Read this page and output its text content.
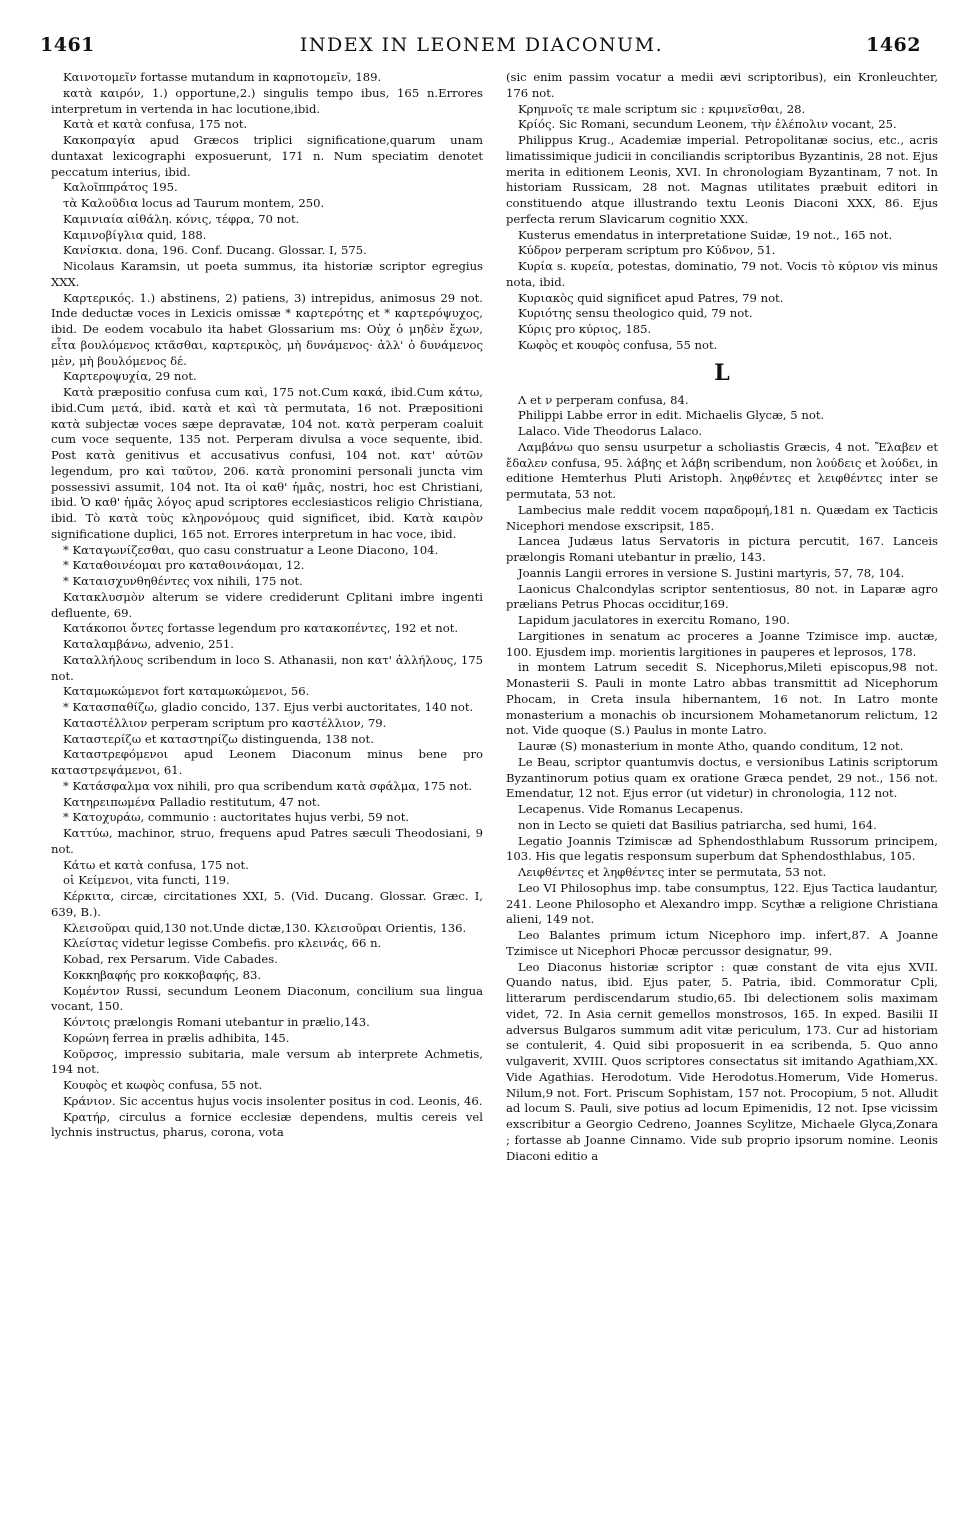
1461	INDEX IN LEONEM DIACONUM.	1462

Καινοτομεῖν fortasse mutandum in καρποτομεῖν, 189.

κατὰ καιρόν, 1.) opportune,2.) singulis tempo ibus, 165 n.Errores interpretum in vertenda in hac locutione,ibid.

Κατὰ et κατὰ confusa, 175 not.

Κακοπραγία apud Græcos triplici significatione,quarum unam duntaxat lexicographi exposuerunt, 171 n. Num speciatim denotet peccatum interius, ibid.

Καλοῖππράτος 195.

τὰ Καλοῦδια locus ad Taurum montem, 250.

Καμινιαία αἰθάλη. κόνις, τέφρα, 70 not.

Καμινοβίγλια quid, 188.

Κανίσκια. dona, 196. Conf. Ducang. Glossar. I, 575.

Nicolaus Karamsin, ut poeta summus, ita historiæ scriptor egregius XXX.

Καρτερικός. 1.) abstinens, 2) patiens, 3) intrepidus, animosus 29 not. Inde deductæ voces in Lexicis omissæ * καρτερότης et * καρτερόψυχος, ibid. De eodem vocabulo ita habet Glossarium ms: Οὐχ ὁ μηδὲν ἔχων, εἶτα βουλόμενος κτᾶσθαι, καρτερικὸς, μὴ δυνάμενος· ἀλλ' ὁ δυνάμενος μὲν, μὴ βουλόμενος δέ.

Καρτεροψυχία, 29 not.

Κατὰ præpositio confusa cum καὶ, 175 not.Cum κακά, ibid.Cum κάτω, ibid.Cum μετά, ibid. κατὰ et καὶ τὰ permutata, 16 not. Præpositioni κατὰ subjectæ voces sæpe depravatæ, 104 not. κατὰ perperam coaluit cum voce sequente, 135 not. Perperam divulsa a voce sequente, ibid. Post κατὰ genitivus et accusativus confusi, 104 not. κατ' αὐτῶν legendum, pro καὶ ταῦτον, 206. κατὰ pronomini personali juncta vim possessivi assumit, 104 not. Ita οἱ καθ' ἡμᾶς, nostri, hoc est Christiani, ibid. Ὁ καθ' ἡμᾶς λόγος apud scriptores ecclesiasticos religio Christiana, ibid. Τὸ κατὰ τοὺς κληρονόμους quid significet, ibid. Κατὰ καιρὸν significatione duplici, 165 not. Errores interpretum in hac voce, ibid.

* Καταγωνίζεσθαι, quo casu construatur a Leone Diacono, 104.

* Καταθοινέομαι pro καταθοινάομαι, 12.

* Καταισχυνθηθέντες vox nihili, 175 not.

Κατακλυσμὸν alterum se videre crediderunt Cplitani imbre ingenti defluente, 69.

Κατάκοποι ὄντες fortasse legendum pro κατακοπέντες, 192 et not.

Καταλαμβάνω, advenio, 251.

Καταλλήλους scribendum in loco S. Athanasii, non κατ' ἀλλήλους, 175 not.

Καταμωκώμενοι fort καταμωκώμενοι, 56.

* Κατασπαθίζω, gladio concido, 137. Ejus verbi auctoritates, 140 not.

Καταστέλλιον perperam scriptum pro καστέλλιον, 79.

Καταστερίζω et καταστηρίζω distinguenda, 138 not.

Καταστρεφόμενοι apud Leonem Diaconum minus bene pro καταστρεψάμενοι, 61.

* Κατάσφαλμα vox nihili, pro qua scribendum κατὰ σφάλμα, 175 not.

Κατηρειπωμένα Palladio restitutum, 47 not.

* Κατοχυράω, communio : auctoritates hujus verbi, 59 not.

Καττύω, machinor, struo, frequens apud Patres sæculi Theodosiani, 9 not.

Κάτω et κατὰ confusa, 175 not.

οἱ Κείμενοι, vita functi, 119.

Κέρκιτα, circæ, circitationes XXI, 5. (Vid. Ducang. Glossar. Græc. I, 639, B.).

Κλεισοῦραι quid,130 not.Unde dictæ,130. Κλεισοῦραι Orientis, 136.

Κλείστας videtur legisse Combefis. pro κλεινάς, 66 n.

Kobad, rex Persarum. Vide Cabades.

Κοκκηβαφής pro κοκκοβαφής, 83.

Κομέντον Russi, secundum Leonem Diaconum, concilium sua lingua vocant, 150.

Κόντοις prælongis Romani utebantur in prælio,143.

Κορώνη ferrea in prælis adhibita, 145.

Κοῦρσος, impressio subitaria, male versum ab interprete Achmetis, 194 not.

Κουφὸς et κωφὸς confusa, 55 not.

Κράνιον. Sic accentus hujus vocis insolenter positus in cod. Leonis, 46.

Κρατήρ, circulus a fornice ecclesiæ dependens, multis cereis vel lychnis instructus, pharus, corona, vota

(sic enim passim vocatur a medii ævi scriptoribus), ein Kronleuchter, 176 not.

Κρημνοῖς τε male scriptum sic : κριμνεῖσθαι, 28.

Κρίός. Sic Romani, secundum Leonem, τὴν ἑλέπολιν vocant, 25.

Philippus Krug., Academiæ imperial. Petropolitanæ socius, etc., acris limatissimique judicii in conciliandis scriptoribus Byzantinis, 28 not. Ejus merita in editionem Leonis, XVI. In chronologiam Byzantinam, 7 not. In historiam Russicam, 28 not. Magnas utilitates præbuit editori in constituendo atque illustrando textu Leonis Diaconi XXX, 86. Ejus perfecta rerum Slavicarum cognitio XXX.

Kusterus emendatus in interpretatione Suidæ, 19 not., 165 not.

Κύδρον perperam scriptum pro Κύδνον, 51.

Κυρία s. κυρεία, potestas, dominatio, 79 not. Vocis τὸ κύριον vis minus nota, ibid.

Κυριακὸς quid significet apud Patres, 79 not.

Κυριότης sensu theologico quid, 79 not.

Κύρις pro κύριος, 185.

Κωφὸς et κουφὸς confusa, 55 not.

L

Λ et ν perperam confusa, 84.

Philippi Labbe error in edit. Michaelis Glycæ, 5 not.

Lalaco. Vide Theodorus Lalaco.

Λαμβάνω quo sensu usurpetur a scholiastis Græcis, 4 not. Ἔλαβεν et ἔδαλεν confusa, 95. λάβης et λάβη scribendum, non λούδεις et λούδει, in editione Hemterhus Pluti Aristoph. ληφθέντες et λειφθέντες inter se permutata, 53 not.

Lambecius male reddit vocem παραδρομή,181 n. Quædam ex Tacticis Nicephori mendose exscripsit, 185.

Lancea Judæus latus Servatoris in pictura percutit, 167. Lanceis prælongis Romani utebantur in prælio, 143.

Joannis Langii errores in versione S. Justini martyris, 57, 78, 104.

Laonicus Chalcondylas scriptor sententiosus, 80 not. in Laparæ agro prælians Petrus Phocas occiditur,169.

Lapidum jaculatores in exercitu Romano, 190.

Largitiones in senatum ac proceres a Joanne Tzimisce imp. auctæ, 100. Ejusdem imp. morientis largitiones in pauperes et leprosos, 178.

in montem Latrum secedit S. Nicephorus,Mileti episcopus,98 not. Monasterii S. Pauli in monte Latro abbas transmittit ad Nicephorum Phocam, in Creta insula hibernantem, 16 not. In Latro monte monasterium a monachis ob incursionem Mohametanorum relictum, 12 not. Vide quoque (S.) Paulus in monte Latro.

Lauræ (S) monasterium in monte Atho, quando conditum, 12 not.

Le Beau, scriptor quantumvis doctus, e versionibus Latinis scriptorum Byzantinorum potius quam ex oratione Græca pendet, 29 not., 156 not. Emendatur, 12 not. Ejus error (ut videtur) in chronologia, 112 not.

Lecapenus. Vide Romanus Lecapenus.

non in Lecto se quieti dat Basilius patriarcha, sed humi, 164.

Legatio Joannis Tzimiscæ ad Sphendosthlabum Russorum principem, 103. His que legatis responsum superbum dat Sphendosthlabus, 105.

Λειφθέντες et ληφθέντες inter se permutata, 53 not.

Leo VI Philosophus imp. tabe consumptus, 122. Ejus Tactica laudantur, 241. Leone Philosopho et Alexandro impp. Scythæ a religione Christiana alieni, 149 not.

Leo Balantes primum ictum Nicephoro imp. infert,87. A Joanne Tzimisce ut Nicephori Phocæ percussor designatur, 99.

Leo Diaconus historiæ scriptor : quæ constant de vita ejus XVII. Quando natus, ibid. Ejus pater, 5. Patria, ibid. Commoratur Cpli, litterarum perdiscendarum studio,65. Ibi delectionem solis maximam videt, 72. In Asia cernit gemellos monstrosos, 165. In exped. Basilii II adversus Bulgaros summum adit vitæ periculum, 173. Cur ad historiam se contulerit, 4. Quid sibi proposuerit in ea scribenda, 5. Quo anno vulgaverit, XVIII. Quos scriptores consectatus sit imitando Agathiam,XX. Vide Agathias. Herodotum. Vide Herodotus.Homerum, Vide Homerus. Nilum,9 not. Fort. Priscum Sophistam, 157 not. Procopium, 5 not. Alludit ad locum S. Pauli, sive potius ad locum Epimenidis, 12 not. Ipse vicissim exscribitur a Georgio Cedreno, Joannes Scylitze, Michaele Glyca,Zonara ; fortasse ab Joanne Cinnamo. Vide sub proprio ipsorum nomine. Leonis Diaconi editio a
